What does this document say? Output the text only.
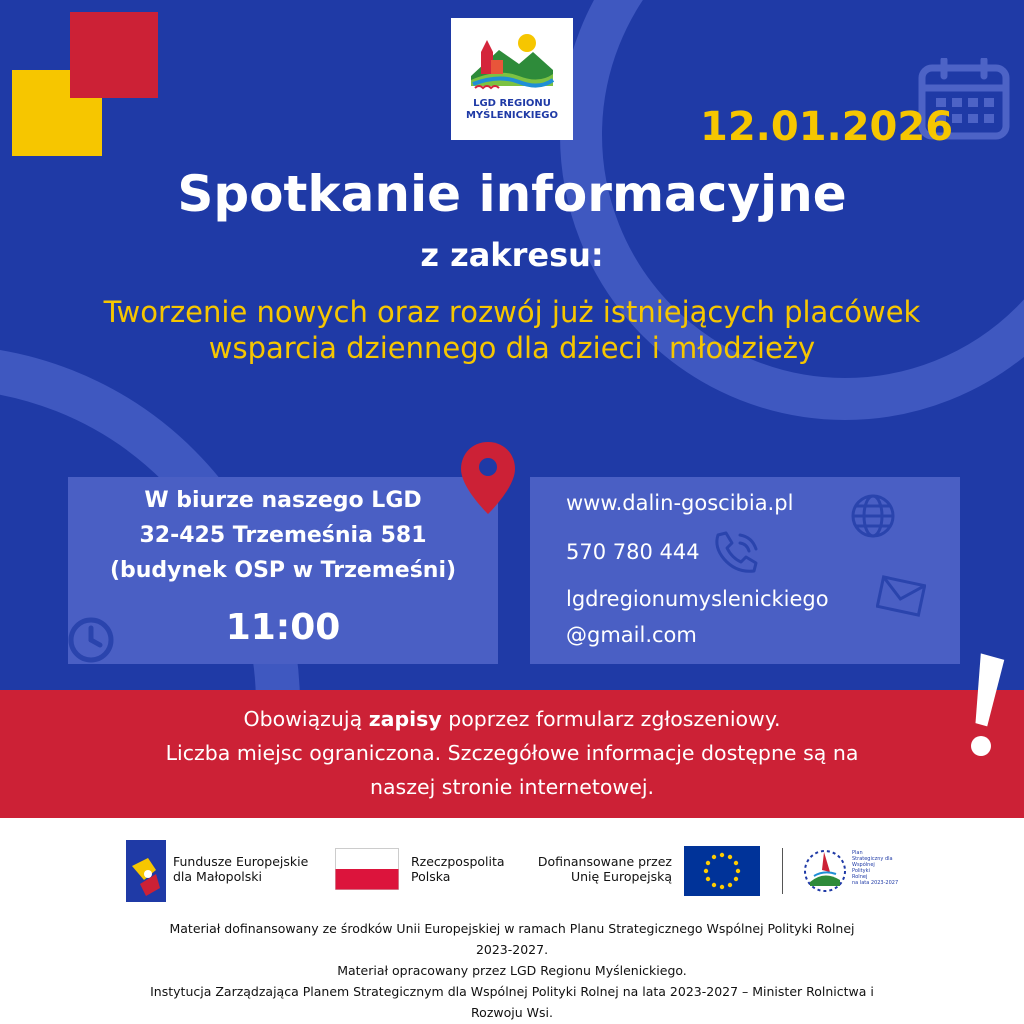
LGD REGIONU
MYŚLENICKIEGO	12.01.2026
Spotkanie informacyjne
z zakresu:
Tworzenie nowych oraz rozwój już istniejących placówek wsparcia dziennego dla dzieci i młodzieży
W biurze naszego LGD
32-425 Trzemeśnia 581
(budynek OSP w Trzemeśni)
11:00
www.dalin-goscibia.pl
570 780 444
lgdregionumyslenickiego
@gmail.com
Obowiązują zapisy poprzez formularz zgłoszeniowy.
Liczba miejsc ograniczona. Szczegółowe informacje dostępne są na
naszej stronie internetowej.
Fundusze Europejskie
dla Małopolski
Rzeczpospolita
Polska
Dofinansowane przez
Unię Europejską
Plan
Strategiczny dla
Wspólnej
Polityki
Rolnej
na lata 2023-2027
Materiał dofinansowany ze środków Unii Europejskiej w ramach Planu Strategicznego Wspólnej Polityki Rolnej
2023-2027.
Materiał opracowany przez LGD Regionu Myślenickiego.
Instytucja Zarządzająca Planem Strategicznym dla Wspólnej Polityki Rolnej na lata 2023-2027 – Minister Rolnictwa i
Rozwoju Wsi.
